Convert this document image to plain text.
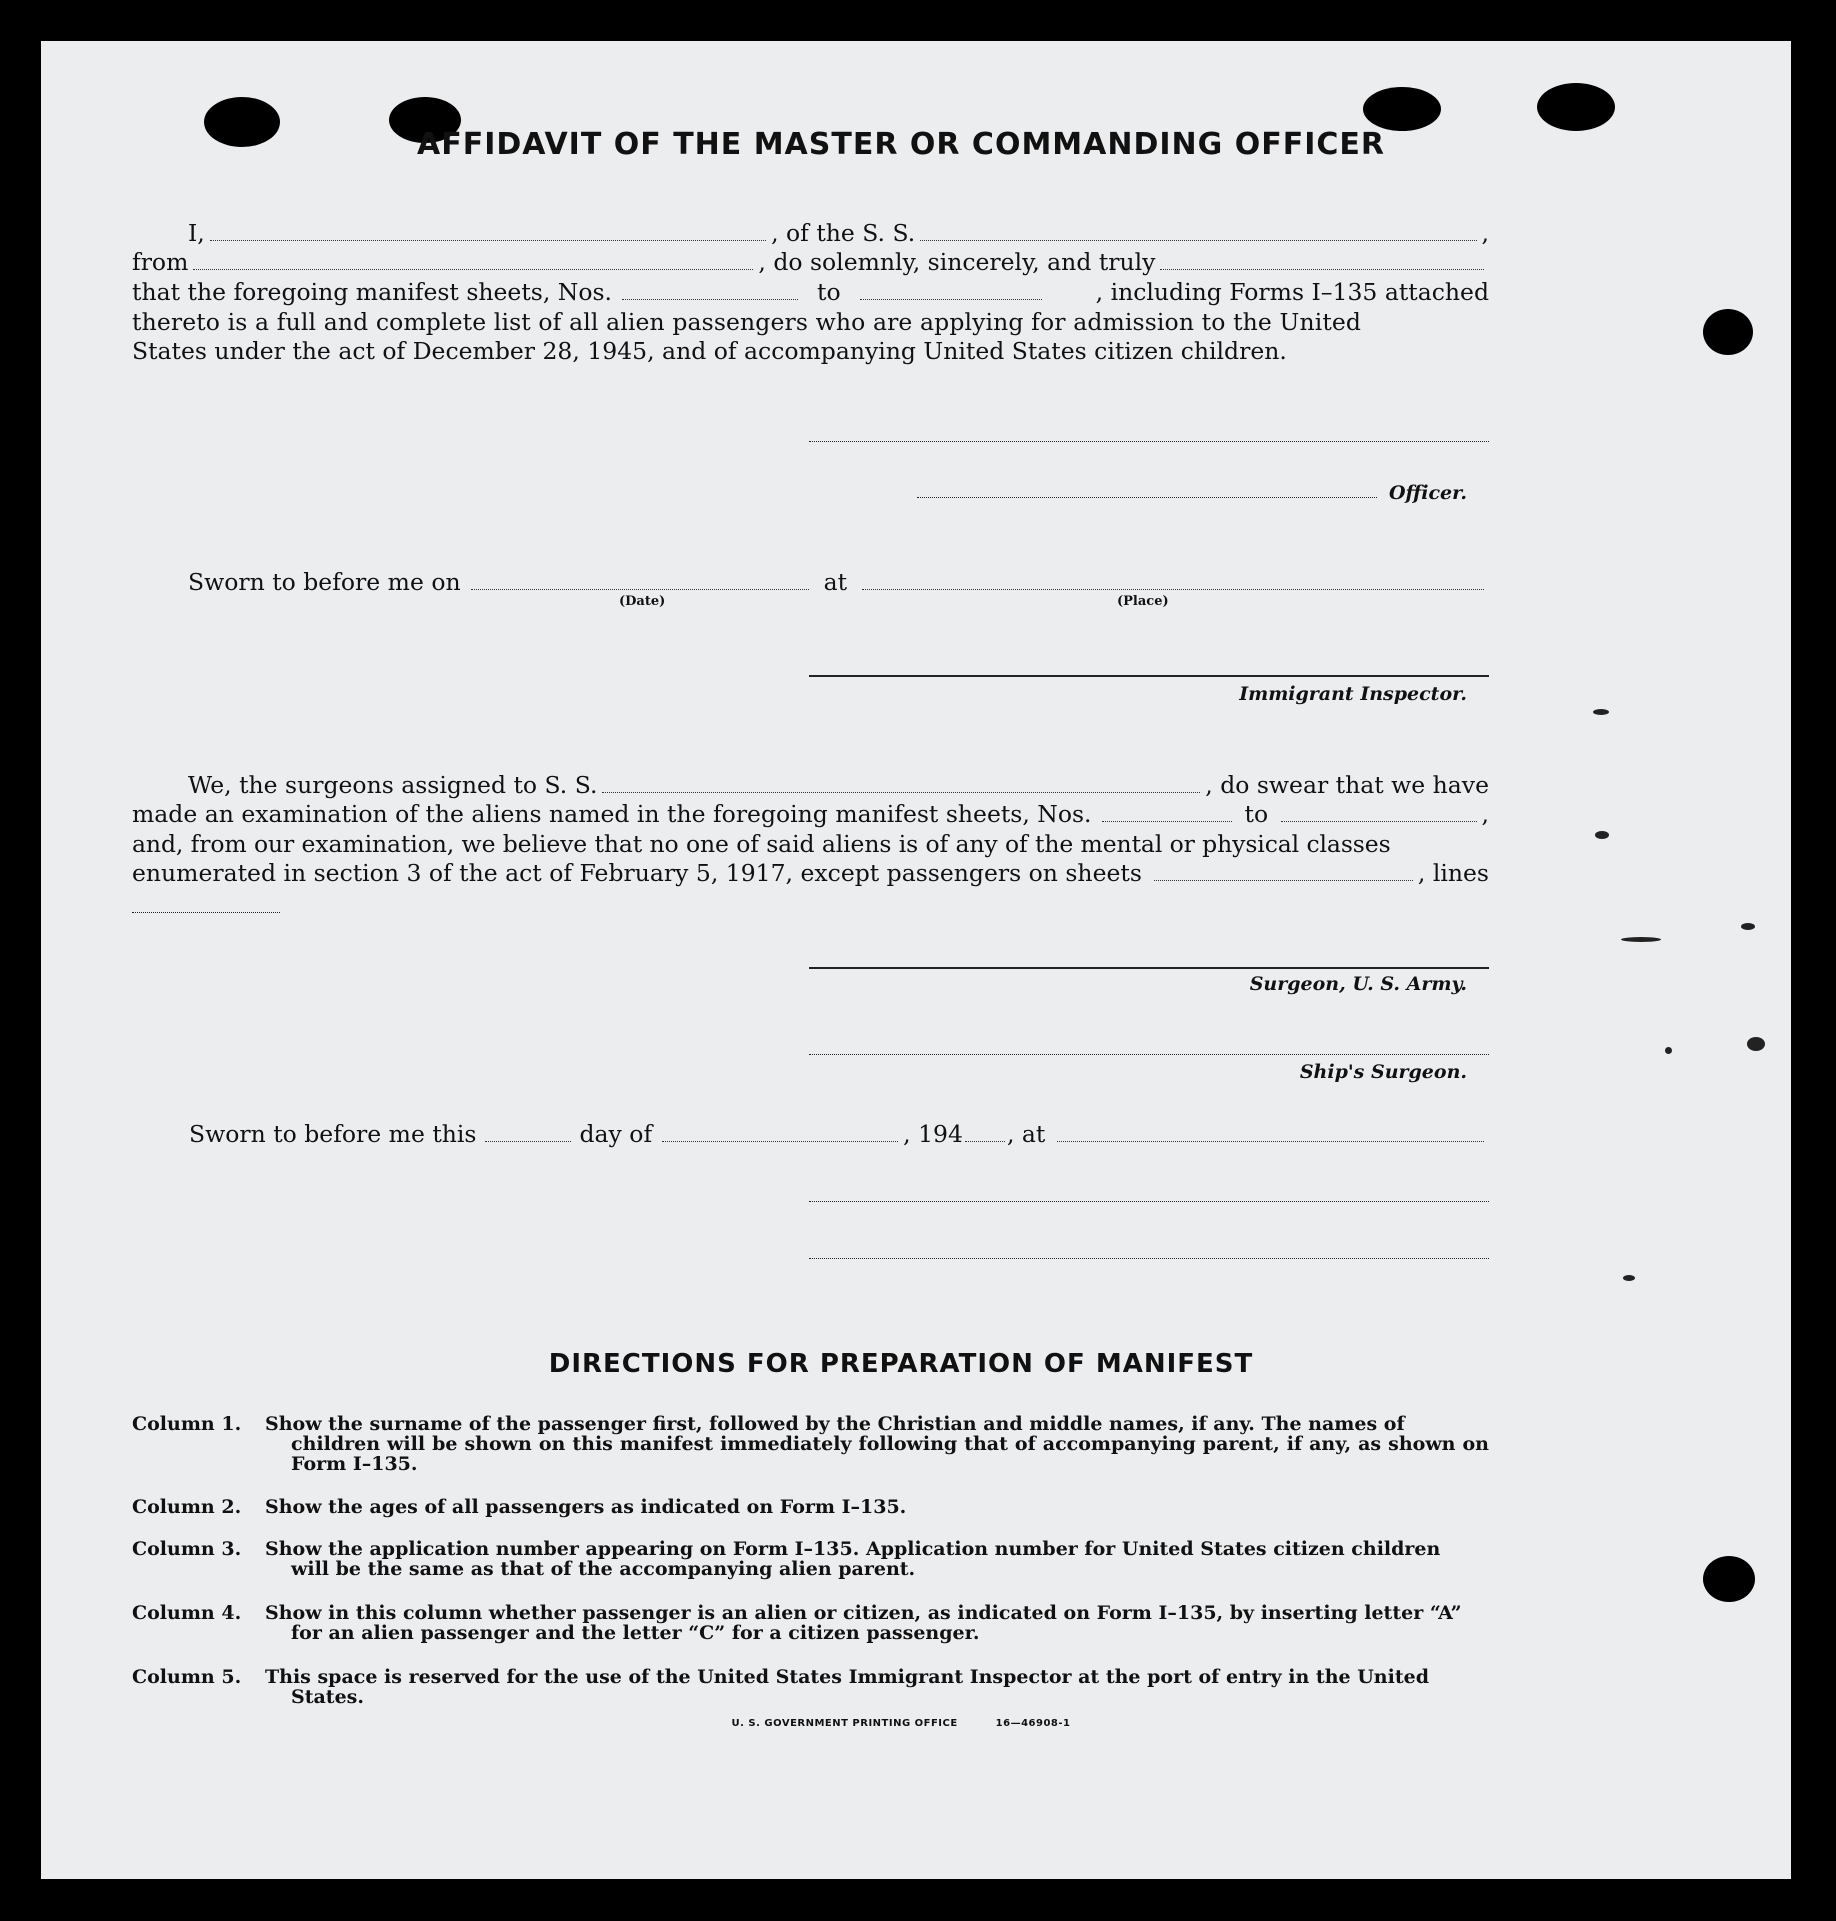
AFFIDAVIT OF THE MASTER OR COMMANDING OFFICER
I,	, of the S. S.	,
from	, do solemnly, sincerely, and truly
that the foregoing manifest sheets, Nos.	to	, including Forms I–135 attached
thereto is a full and complete list of all alien passengers who are applying for admission to the United
States under the act of December 28, 1945, and of accompanying United States citizen children.
Officer.
Sworn to before me on	at
(Date)	(Place)
Immigrant Inspector.
We, the surgeons assigned to S. S.	, do swear that we have
made an examination of the aliens named in the foregoing manifest sheets, Nos.	to	,
and, from our examination, we believe that no one of said aliens is of any of the mental or physical classes
enumerated in section 3 of the act of February 5, 1917, except passengers on sheets	, lines
Surgeon, U. S. Army.
Ship's Surgeon.
Sworn to before me this	day of	, 194 , at
DIRECTIONS FOR PREPARATION OF MANIFEST
Column 1.	Show the surname of the passenger first, followed by the Christian and middle names, if any. The names of
children will be shown on this manifest immediately following that of accompanying parent, if any, as shown on Form I–135.
Column 2.	Show the ages of all passengers as indicated on Form I–135.
Column 3.	Show the application number appearing on Form I–135. Application number for United States citizen children
will be the same as that of the accompanying alien parent.
Column 4.	Show in this column whether passenger is an alien or citizen, as indicated on Form I–135, by inserting letter “A”
for an alien passenger and the letter “C” for a citizen passenger.
Column 5.	This space is reserved for the use of the United States Immigrant Inspector at the port of entry in the United
States.
U. S. GOVERNMENT PRINTING OFFICE	16—46908-1
